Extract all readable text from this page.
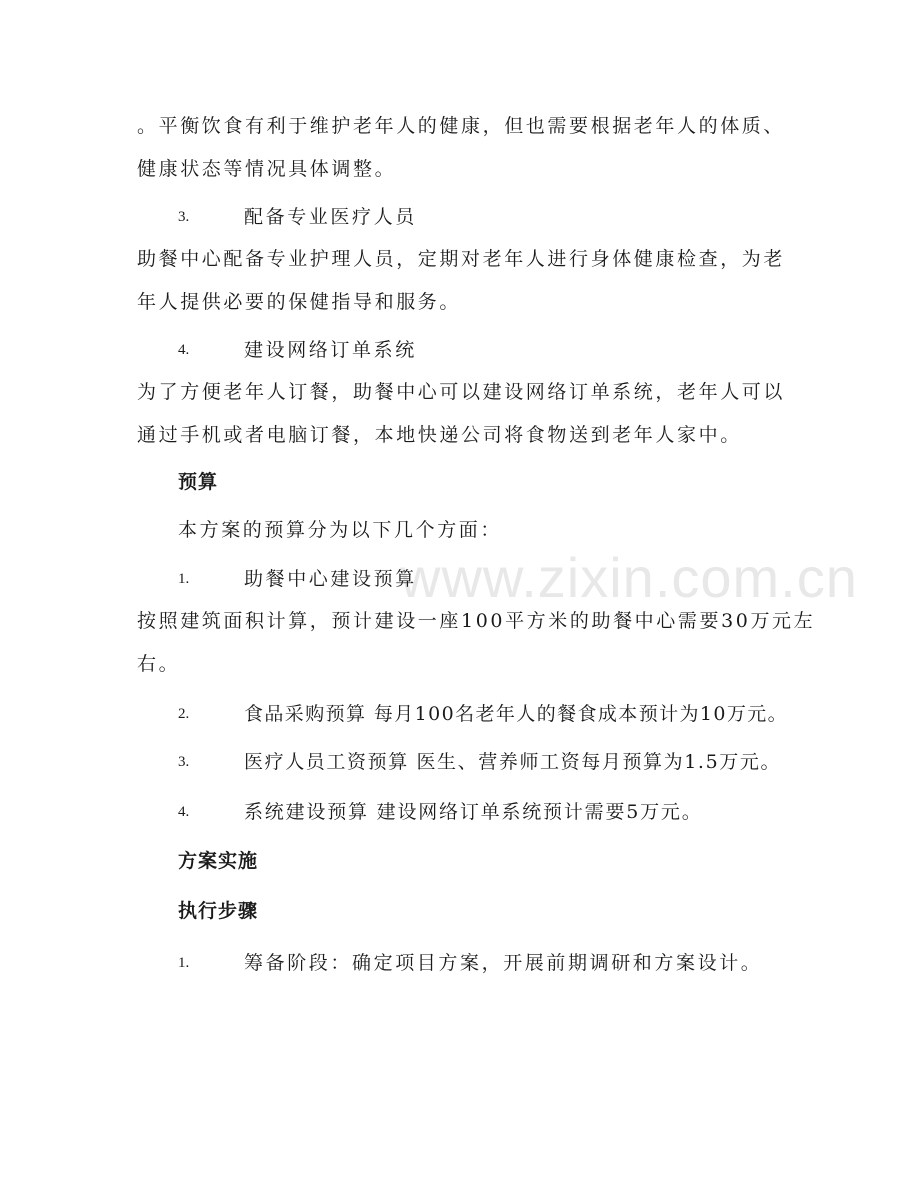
www.zixin.com.cn
。平衡饮食有利于维护老年人的健康，但也需要根据老年人的体质、
健康状态等情况具体调整。
3.	配备专业医疗人员
助餐中心配备专业护理人员，定期对老年人进行身体健康检查，为老
年人提供必要的保健指导和服务。
4.	建设网络订单系统
为了方便老年人订餐，助餐中心可以建设网络订单系统，老年人可以
通过手机或者电脑订餐，本地快递公司将食物送到老年人家中。
预算
本方案的预算分为以下几个方面：
1.	助餐中心建设预算
按照建筑面积计算，预计建设一座100平方米的助餐中心需要30万元左
右。
2.	食品采购预算 每月100名老年人的餐食成本预计为10万元。
3.	医疗人员工资预算 医生、营养师工资每月预算为1.5万元。
4.	系统建设预算 建设网络订单系统预计需要5万元。
方案实施
执行步骤
1.	筹备阶段：确定项目方案，开展前期调研和方案设计。
